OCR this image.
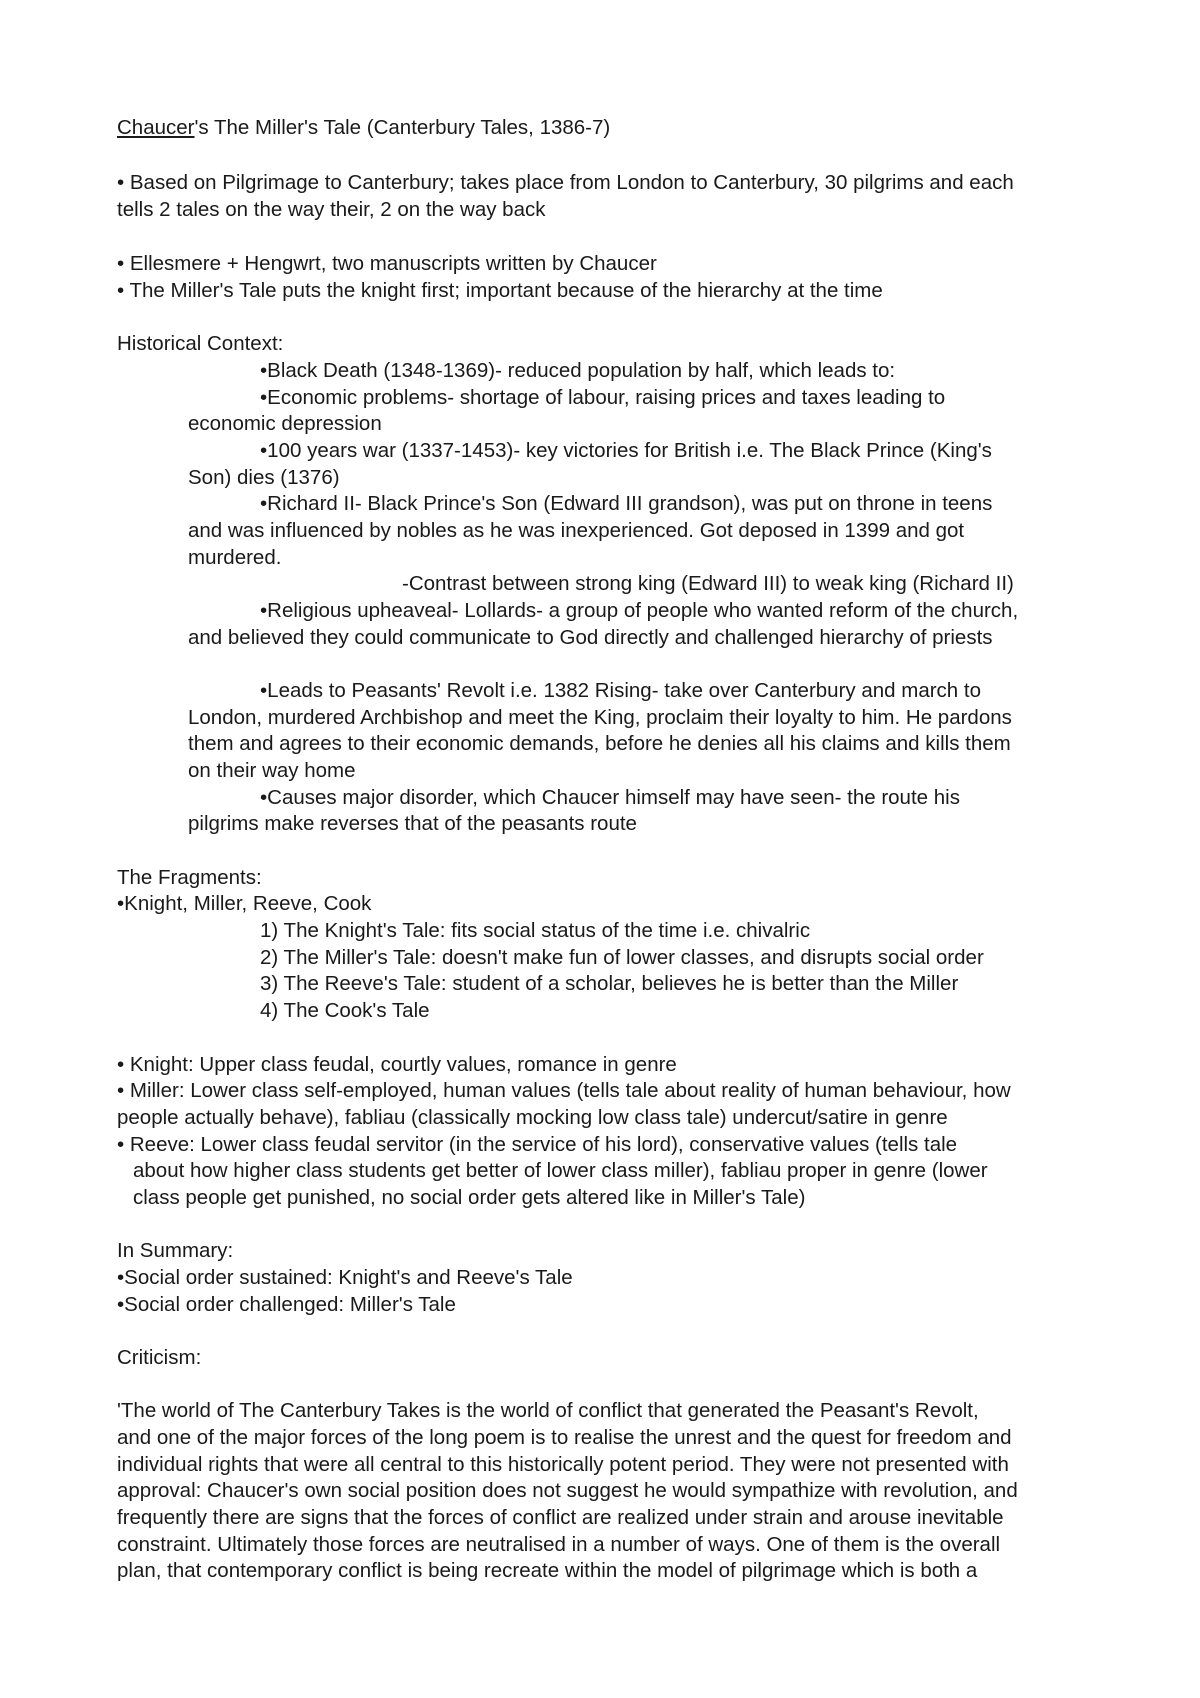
Chaucer's The Miller's Tale (Canterbury Tales, 1386-7)
• Based on Pilgrimage to Canterbury; takes place from London to Canterbury, 30 pilgrims and each
tells 2 tales on the way their, 2 on the way back
• Ellesmere + Hengwrt, two manuscripts written by Chaucer
• The Miller's Tale puts the knight first; important because of the hierarchy at the time
Historical Context:
•Black Death (1348-1369)- reduced population by half, which leads to:
•Economic problems- shortage of labour, raising prices and taxes leading to
economic depression
•100 years war (1337-1453)- key victories for British i.e. The Black Prince (King's
Son) dies (1376)
•Richard II- Black Prince's Son (Edward III grandson), was put on throne in teens
and was influenced by nobles as he was inexperienced. Got deposed in 1399 and got
murdered.
-Contrast between strong king (Edward III) to weak king (Richard II)
•Religious upheaveal- Lollards- a group of people who wanted reform of the church,
and believed they could communicate to God directly and challenged hierarchy of priests
•Leads to Peasants' Revolt i.e. 1382 Rising- take over Canterbury and march to
London, murdered Archbishop and meet the King, proclaim their loyalty to him. He pardons
them and agrees to their economic demands, before he denies all his claims and kills them
on their way home
•Causes major disorder, which Chaucer himself may have seen- the route his
pilgrims make reverses that of the peasants route
The Fragments:
•Knight, Miller, Reeve, Cook
1) The Knight's Tale: fits social status of the time i.e. chivalric
2) The Miller's Tale: doesn't make fun of lower classes, and disrupts social order
3) The Reeve's Tale: student of a scholar, believes he is better than the Miller
4) The Cook's Tale
• Knight: Upper class feudal, courtly values, romance in genre
• Miller: Lower class self-employed, human values (tells tale about reality of human behaviour, how
people actually behave), fabliau (classically mocking low class tale) undercut/satire in genre
• Reeve: Lower class feudal servitor (in the service of his lord), conservative values (tells tale
about how higher class students get better of lower class miller), fabliau proper in genre (lower
class people get punished, no social order gets altered like in Miller's Tale)
In Summary:
•Social order sustained: Knight's and Reeve's Tale
•Social order challenged: Miller's Tale
Criticism:
'The world of The Canterbury Takes is the world of conflict that generated the Peasant's Revolt,
and one of the major forces of the long poem is to realise the unrest and the quest for freedom and
individual rights that were all central to this historically potent period. They were not presented with
approval: Chaucer's own social position does not suggest he would sympathize with revolution, and
frequently there are signs that the forces of conflict are realized under strain and arouse inevitable
constraint. Ultimately those forces are neutralised in a number of ways. One of them is the overall
plan, that contemporary conflict is being recreate within the model of pilgrimage which is both a
